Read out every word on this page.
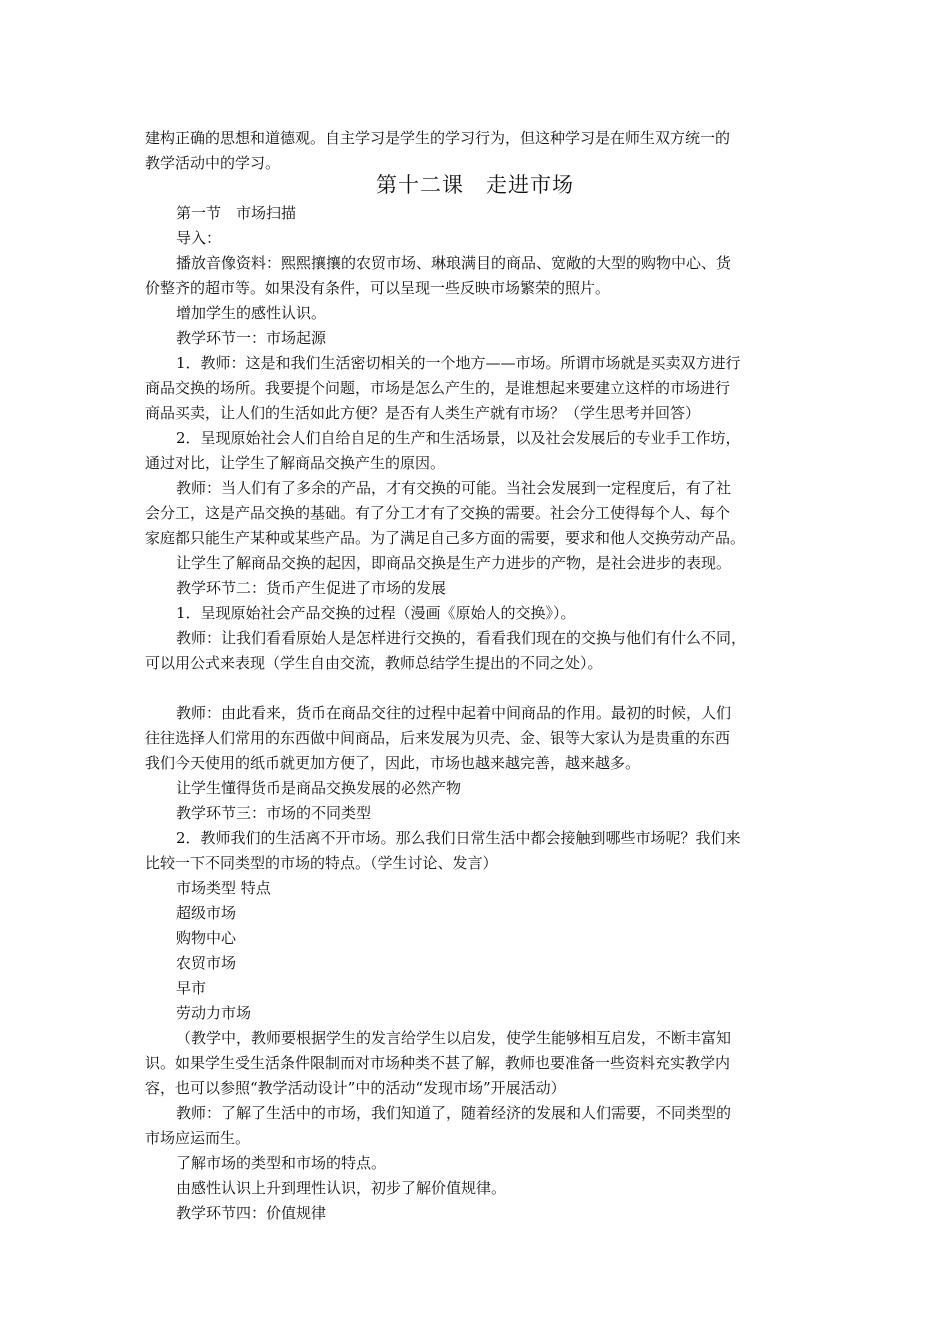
建构正确的思想和道德观。自主学习是学生的学习行为，但这种学习是在师生双方统一的
教学活动中的学习。
第十二课　走进市场
第一节　市场扫描
导入：
播放音像资料：熙熙攘攘的农贸市场、琳琅满目的商品、宽敞的大型的购物中心、货
价整齐的超市等。如果没有条件，可以呈现一些反映市场繁荣的照片。
增加学生的感性认识。
教学环节一：市场起源
1．教师：这是和我们生活密切相关的一个地方——市场。所谓市场就是买卖双方进行
商品交换的场所。我要提个问题，市场是怎么产生的，是谁想起来要建立这样的市场进行
商品买卖，让人们的生活如此方便？是否有人类生产就有市场？（学生思考并回答）
2．呈现原始社会人们自给自足的生产和生活场景，以及社会发展后的专业手工作坊，
通过对比，让学生了解商品交换产生的原因。
教师：当人们有了多余的产品，才有交换的可能。当社会发展到一定程度后，有了社
会分工，这是产品交换的基础。有了分工才有了交换的需要。社会分工使得每个人、每个
家庭都只能生产某种或某些产品。为了满足自己多方面的需要，要求和他人交换劳动产品。
让学生了解商品交换的起因，即商品交换是生产力进步的产物，是社会进步的表现。
教学环节二：货币产生促进了市场的发展
1．呈现原始社会产品交换的过程（漫画《原始人的交换》）。
教师：让我们看看原始人是怎样进行交换的，看看我们现在的交换与他们有什么不同，
可以用公式来表现（学生自由交流，教师总结学生提出的不同之处）。
教师：由此看来，货币在商品交往的过程中起着中间商品的作用。最初的时候，人们
往往选择人们常用的东西做中间商品，后来发展为贝壳、金、银等大家认为是贵重的东西
我们今天使用的纸币就更加方便了，因此，市场也越来越完善，越来越多。
让学生懂得货币是商品交换发展的必然产物
教学环节三：市场的不同类型
2．教师我们的生活离不开市场。那么我们日常生活中都会接触到哪些市场呢？我们来
比较一下不同类型的市场的特点。（学生讨论、发言）
市场类型 特点
超级市场
购物中心
农贸市场
早市
劳动力市场
（教学中，教师要根据学生的发言给学生以启发，使学生能够相互启发，不断丰富知
识。如果学生受生活条件限制而对市场种类不甚了解，教师也要准备一些资料充实教学内
容，也可以参照“教学活动设计”中的活动“发现市场”开展活动）
教师：了解了生活中的市场，我们知道了，随着经济的发展和人们需要，不同类型的
市场应运而生。
了解市场的类型和市场的特点。
由感性认识上升到理性认识，初步了解价值规律。
教学环节四：价值规律
